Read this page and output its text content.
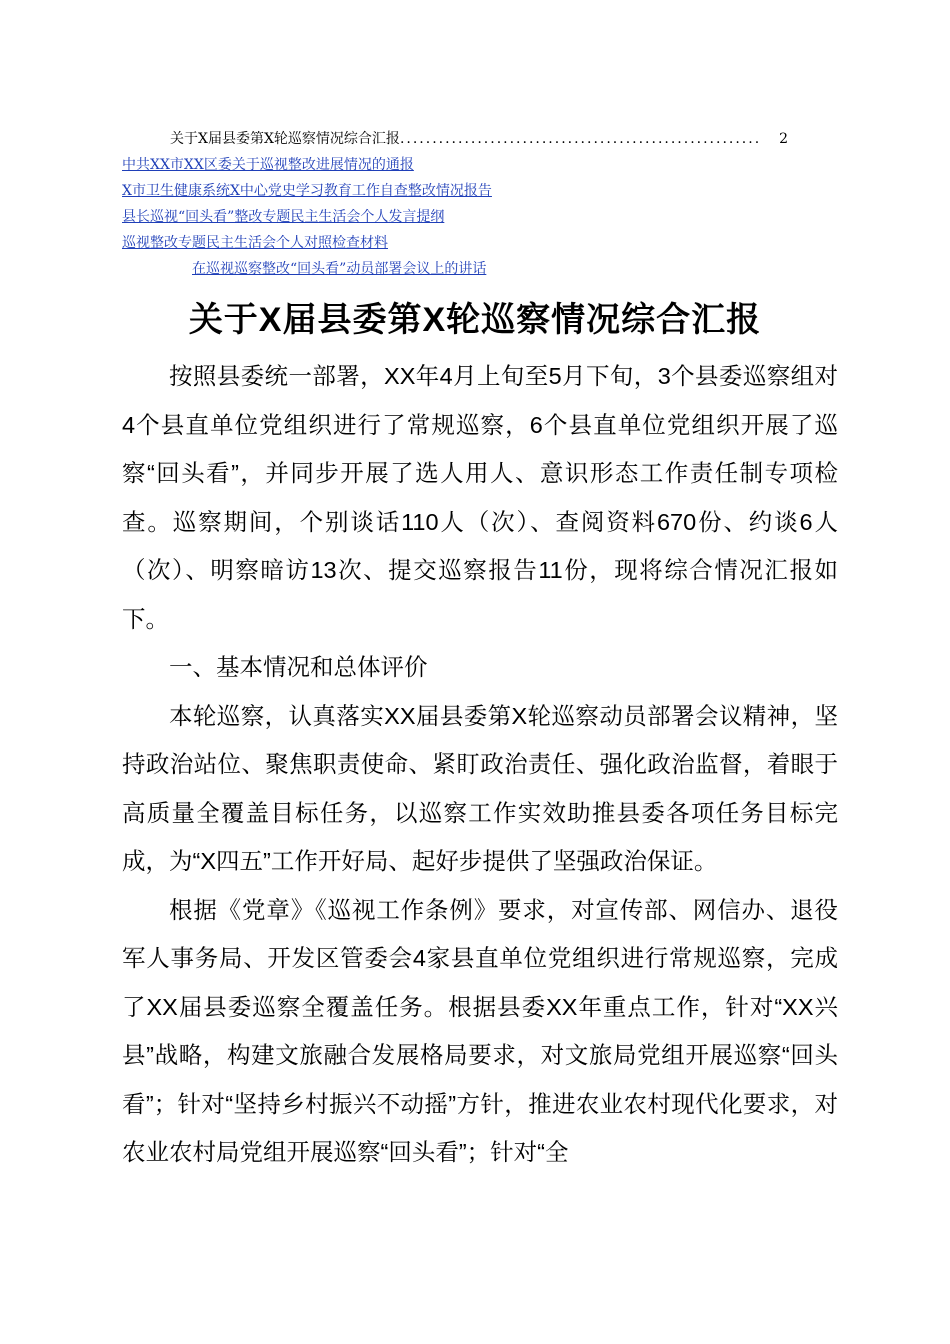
关于X届县委第X轮巡察情况综合汇报 ........................................................	2
中共XX市XX区委关于巡视整改进展情况的通报
X市卫生健康系统X中心党史学习教育工作自查整改情况报告
县长巡视“回头看”整改专题民主生活会个人发言提纲
巡视整改专题民主生活会个人对照检查材料
在巡视巡察整改“回头看”动员部署会议上的讲话
关于X届县委第X轮巡察情况综合汇报

按照县委统一部署，XX年4月上旬至5月下旬，3个县委巡察组对4个县直单位党组织进行了常规巡察，6个县直单位党组织开展了巡察“回头看”，并同步开展了选人用人、意识形态工作责任制专项检查。巡察期间，个别谈话110人（次）、查阅资料670份、约谈6人（次）、明察暗访13次、提交巡察报告11份，现将综合情况汇报如下。

一、基本情况和总体评价

本轮巡察，认真落实XX届县委第X轮巡察动员部署会议精神，坚持政治站位、聚焦职责使命、紧盯政治责任、强化政治监督，着眼于高质量全覆盖目标任务，以巡察工作实效助推县委各项任务目标完成，为“X四五”工作开好局、起好步提供了坚强政治保证。

根据《党章》《巡视工作条例》要求，对宣传部、网信办、退役军人事务局、开发区管委会4家县直单位党组织进行常规巡察，完成了XX届县委巡察全覆盖任务。根据县委XX年重点工作，针对“XX兴县”战略，构建文旅融合发展格局要求，对文旅局党组开展巡察“回头看”；针对“坚持乡村振兴不动摇”方针，推进农业农村现代化要求，对农业农村局党组开展巡察“回头看”；针对“全
